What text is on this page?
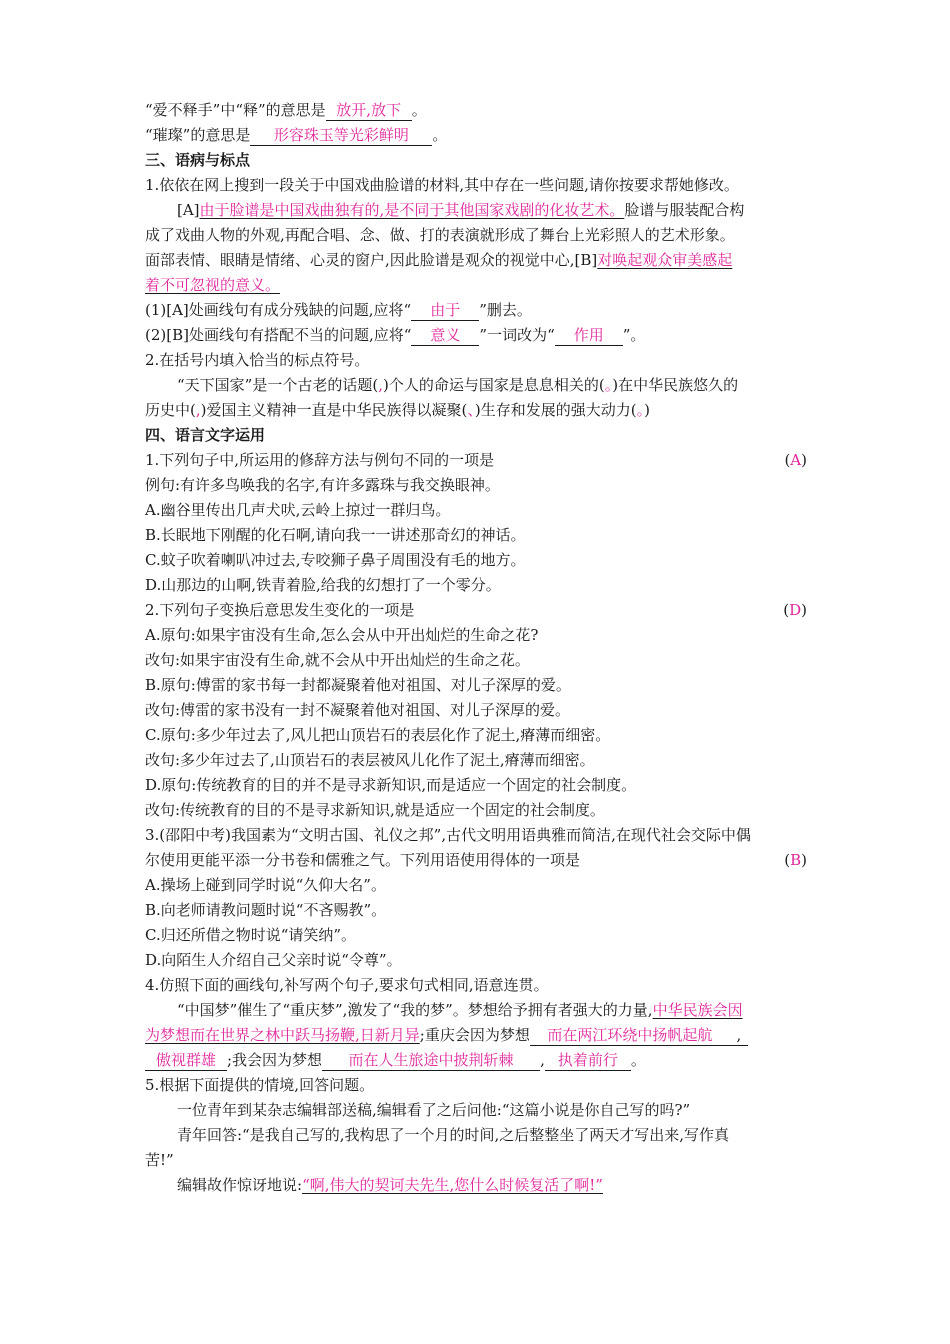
“爱不释手”中“释”的意思是 放开,放下 。
“璀璨”的意思是 形容珠玉等光彩鲜明 。
三、语病与标点
1.依依在网上搜到一段关于中国戏曲脸谱的材料,其中存在一些问题,请你按要求帮她修改。
[A]由于脸谱是中国戏曲独有的,是不同于其他国家戏剧的化妆艺术。脸谱与服装配合构
成了戏曲人物的外观,再配合唱、念、做、打的表演就形成了舞台上光彩照人的艺术形象。
面部表情、眼睛是情绪、心灵的窗户,因此脸谱是观众的视觉中心,[B]对唤起观众审美感起
着不可忽视的意义。
(1)[A]处画线句有成分残缺的问题,应将“ 由于 ”删去。
(2)[B]处画线句有搭配不当的问题,应将“ 意义 ”一词改为“ 作用 ”。
2.在括号内填入恰当的标点符号。
“天下国家”是一个古老的话题(,)个人的命运与国家是息息相关的(。)在中华民族悠久的
历史中(,)爱国主义精神一直是中华民族得以凝聚(、)生存和发展的强大动力(。)
四、语言文字运用
1.下列句子中,所运用的修辞方法与例句不同的一项是	(A)
例句:有许多鸟唤我的名字,有许多露珠与我交换眼神。
A.幽谷里传出几声犬吠,云岭上掠过一群归鸟。
B.长眠地下刚醒的化石啊,请向我一一讲述那奇幻的神话。
C.蚊子吹着喇叭冲过去,专咬狮子鼻子周围没有毛的地方。
D.山那边的山啊,铁青着脸,给我的幻想打了一个零分。
2.下列句子变换后意思发生变化的一项是	(D)
A.原句:如果宇宙没有生命,怎么会从中开出灿烂的生命之花?
改句:如果宇宙没有生命,就不会从中开出灿烂的生命之花。
B.原句:傅雷的家书每一封都凝聚着他对祖国、对儿子深厚的爱。
改句:傅雷的家书没有一封不凝聚着他对祖国、对儿子深厚的爱。
C.原句:多少年过去了,风儿把山顶岩石的表层化作了泥土,瘠薄而细密。
改句:多少年过去了,山顶岩石的表层被风儿化作了泥土,瘠薄而细密。
D.原句:传统教育的目的并不是寻求新知识,而是适应一个固定的社会制度。
改句:传统教育的目的不是寻求新知识,就是适应一个固定的社会制度。
3.(邵阳中考)我国素为“文明古国、礼仪之邦”,古代文明用语典雅而简洁,在现代社会交际中偶
尔使用更能平添一分书卷和儒雅之气。下列用语使用得体的一项是	(B)
A.操场上碰到同学时说“久仰大名”。
B.向老师请教问题时说“不吝赐教”。
C.归还所借之物时说“请笑纳”。
D.向陌生人介绍自己父亲时说“令尊”。
4.仿照下面的画线句,补写两个句子,要求句式相同,语意连贯。
“中国梦”催生了“重庆梦”,激发了“我的梦”。梦想给予拥有者强大的力量,中华民族会因
为梦想而在世界之林中跃马扬鞭,日新月异;重庆会因为梦想 而在两江环绕中扬帆起航 ,
傲视群雄 ;我会因为梦想 而在人生旅途中披荆斩棘 , 执着前行 。
5.根据下面提供的情境,回答问题。
一位青年到某杂志编辑部送稿,编辑看了之后问他:“这篇小说是你自己写的吗?”
青年回答:“是我自己写的,我构思了一个月的时间,之后整整坐了两天才写出来,写作真
苦!”
编辑故作惊讶地说:“啊,伟大的契诃夫先生,您什么时候复活了啊!”
